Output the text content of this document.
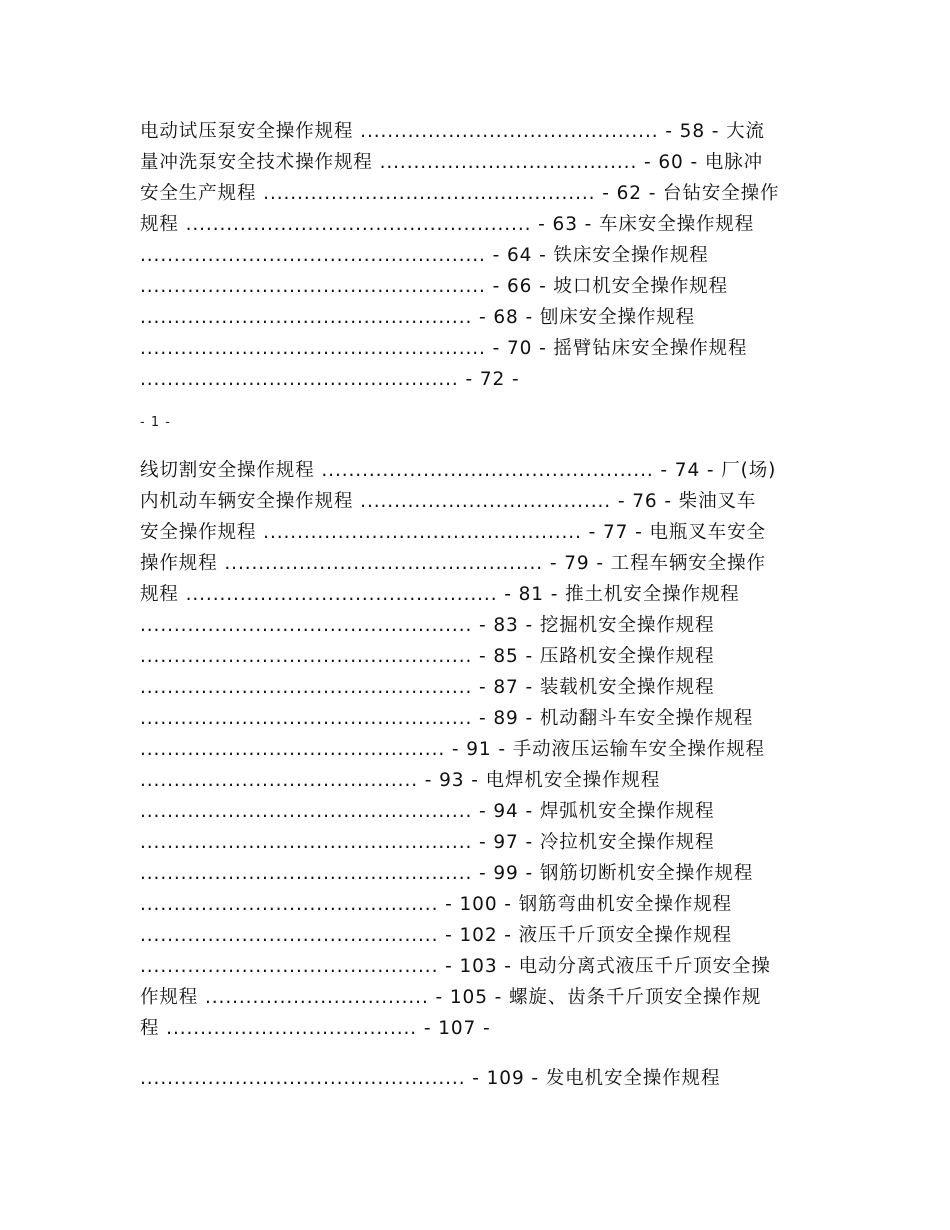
电动试压泵安全操作规程 ............................................ - 58 - 大流
量冲洗泵安全技术操作规程 ...................................... - 60 - 电脉冲
安全生产规程 ................................................. - 62 - 台钻安全操作
规程 ................................................... - 63 - 车床安全操作规程
................................................... - 64 - 铁床安全操作规程
................................................... - 66 - 坡口机安全操作规程
................................................. - 68 - 刨床安全操作规程
................................................... - 70 - 摇臂钻床安全操作规程
............................................... - 72 -
- 1 -
线切割安全操作规程 ................................................. - 74 - 厂(场)
内机动车辆安全操作规程 ..................................... - 76 - 柴油叉车
安全操作规程 ............................................... - 77 - 电瓶叉车安全
操作规程 ............................................... - 79 - 工程车辆安全操作
规程 .............................................. - 81 - 推土机安全操作规程
................................................. - 83 - 挖掘机安全操作规程
................................................. - 85 - 压路机安全操作规程
................................................. - 87 - 装载机安全操作规程
................................................. - 89 - 机动翻斗车安全操作规程
............................................. - 91 - 手动液压运输车安全操作规程
......................................... - 93 - 电焊机安全操作规程
................................................. - 94 - 焊弧机安全操作规程
................................................. - 97 - 冷拉机安全操作规程
................................................. - 99 - 钢筋切断机安全操作规程
............................................ - 100 - 钢筋弯曲机安全操作规程
............................................ - 102 - 液压千斤顶安全操作规程
............................................ - 103 - 电动分离式液压千斤顶安全操
作规程 ................................. - 105 - 螺旋、齿条千斤顶安全操作规
程 ..................................... - 107 -
................................................ - 109 - 发电机安全操作规程
